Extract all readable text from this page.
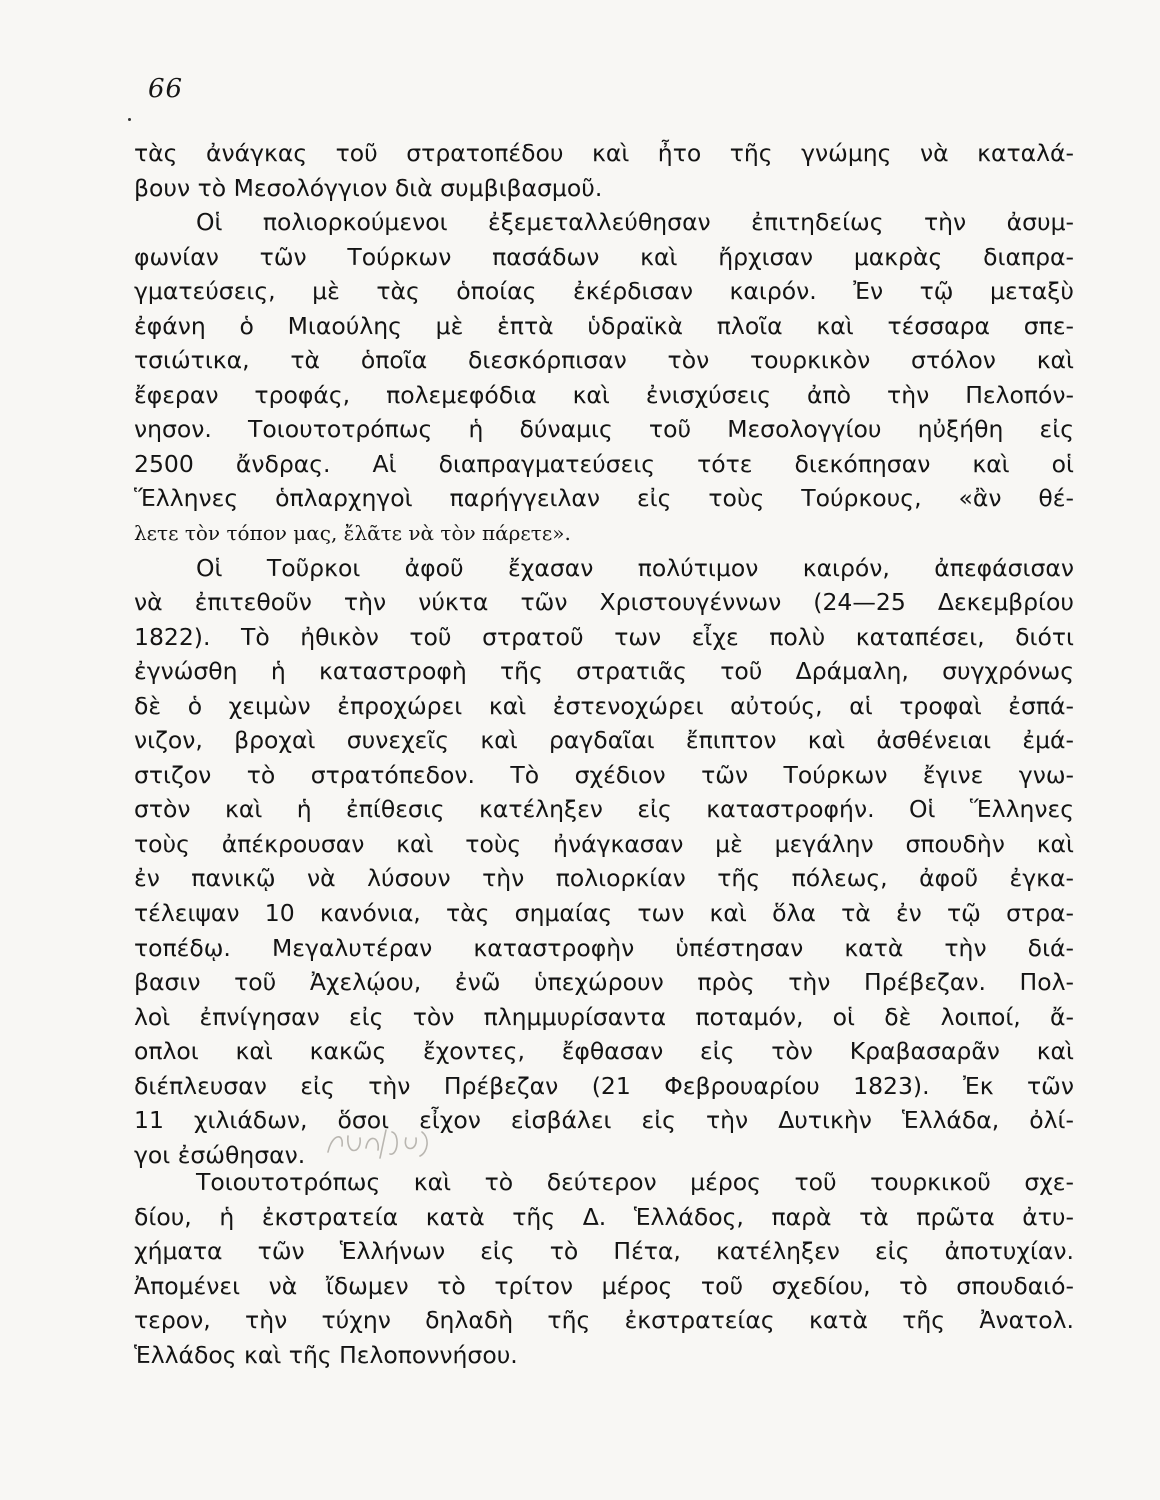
66
τὰς ἀνάγκας τοῦ στρατοπέδου καὶ ἦτο τῆς γνώμης νὰ καταλά-
βουν τὸ Μεσολόγγιον διὰ συμβιβασμοῦ.
Οἱ πολιορκούμενοι ἐξεμεταλλεύθησαν ἐπιτηδείως τὴν ἀσυμ-
φωνίαν τῶν Τούρκων πασάδων καὶ ἤρχισαν μακρὰς διαπρα-
γματεύσεις, μὲ τὰς ὁποίας ἐκέρδισαν καιρόν. Ἐν τῷ μεταξὺ
ἐφάνη ὁ Μιαούλης μὲ ἑπτὰ ὑδραϊκὰ πλοῖα καὶ τέσσαρα σπε-
τσιώτικα, τὰ ὁποῖα διεσκόρπισαν τὸν τουρκικὸν στόλον καὶ
ἔφεραν τροφάς, πολεμεφόδια καὶ ἐνισχύσεις ἀπὸ τὴν Πελοπόν-
νησον. Τοιουτοτρόπως ἡ δύναμις τοῦ Μεσολογγίου ηὐξήθη εἰς
2500 ἄνδρας. Αἱ διαπραγματεύσεις τότε διεκόπησαν καὶ οἱ
Ἕλληνες ὁπλαρχηγοὶ παρήγγειλαν εἰς τοὺς Τούρκους, «ἂν θέ-
λετε τὸν τόπον μας, ἔλᾶτε νὰ τὸν πάρετε».
Οἱ Τοῦρκοι ἀφοῦ ἔχασαν πολύτιμον καιρόν, ἀπεφάσισαν
νὰ ἐπιτεθοῦν τὴν νύκτα τῶν Χριστουγέννων (24—25 Δεκεμβρίου
1822). Τὸ ἠθικὸν τοῦ στρατοῦ των εἶχε πολὺ καταπέσει, διότι
ἐγνώσθη ἡ καταστροφὴ τῆς στρατιᾶς τοῦ Δράμαλη, συγχρόνως
δὲ ὁ χειμὼν ἐπροχώρει καὶ ἐστενοχώρει αὐτούς, αἱ τροφαὶ ἐσπά-
νιζον, βροχαὶ συνεχεῖς καὶ ραγδαῖαι ἔπιπτον καὶ ἀσθένειαι ἐμά-
στιζον τὸ στρατόπεδον. Τὸ σχέδιον τῶν Τούρκων ἔγινε γνω-
στὸν καὶ ἡ ἐπίθεσις κατέληξεν εἰς καταστροφήν. Οἱ Ἕλληνες
τοὺς ἀπέκρουσαν καὶ τοὺς ἠνάγκασαν μὲ μεγάλην σπουδὴν καὶ
ἐν πανικῷ νὰ λύσουν τὴν πολιορκίαν τῆς πόλεως, ἀφοῦ ἐγκα-
τέλειψαν 10 κανόνια, τὰς σημαίας των καὶ ὅλα τὰ ἐν τῷ στρα-
τοπέδῳ. Μεγαλυτέραν καταστροφὴν ὑπέστησαν κατὰ τὴν διά-
βασιν τοῦ Ἀχελῴου, ἐνῶ ὑπεχώρουν πρὸς τὴν Πρέβεζαν. Πολ-
λοὶ ἐπνίγησαν εἰς τὸν πλημμυρίσαντα ποταμόν, οἱ δὲ λοιποί, ἄ-
οπλοι καὶ κακῶς ἔχοντες, ἔφθασαν εἰς τὸν Κραβασαρᾶν καὶ
διέπλευσαν εἰς τὴν Πρέβεζαν (21 Φεβρουαρίου 1823). Ἐκ τῶν
11 χιλιάδων, ὅσοι εἶχον εἰσβάλει εἰς τὴν Δυτικὴν Ἑλλάδα, ὀλί-
γοι ἐσώθησαν.
Τοιουτοτρόπως καὶ τὸ δεύτερον μέρος τοῦ τουρκικοῦ σχε-
δίου, ἡ ἐκστρατεία κατὰ τῆς Δ. Ἑλλάδος, παρὰ τὰ πρῶτα ἀτυ-
χήματα τῶν Ἑλλήνων εἰς τὸ Πέτα, κατέληξεν εἰς ἀποτυχίαν.
Ἀπομένει νὰ ἴδωμεν τὸ τρίτον μέρος τοῦ σχεδίου, τὸ σπουδαιό-
τερον, τὴν τύχην δηλαδὴ τῆς ἐκστρατείας κατὰ τῆς Ἀνατολ.
Ἑλλάδος καὶ τῆς Πελοποννήσου.
